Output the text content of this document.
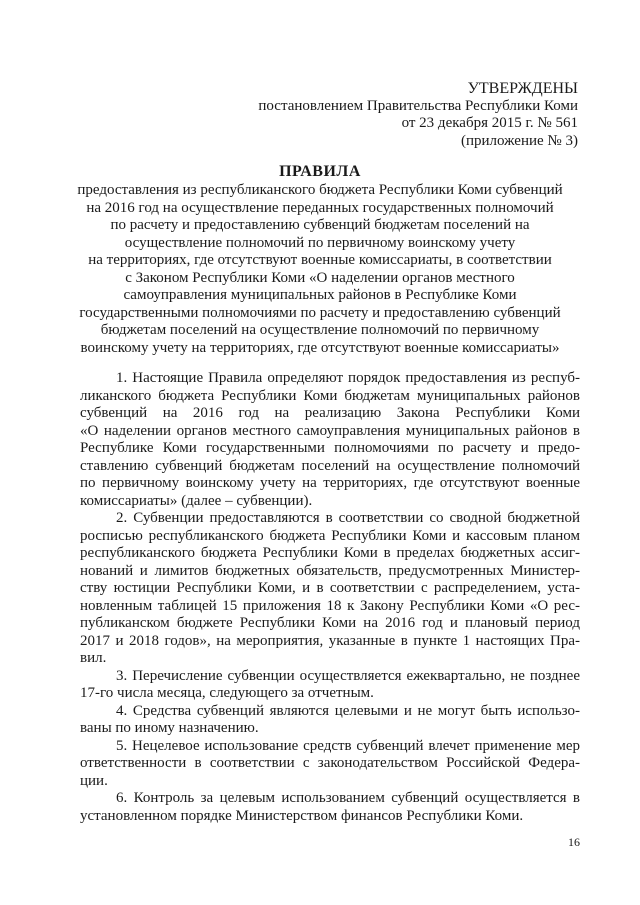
УТВЕРЖДЕНЫ
постановлением Правительства Республики Коми
от 23 декабря 2015 г. № 561
(приложение № 3)
ПРАВИЛА
предоставления из республиканского бюджета Республики Коми субвенций
на 2016 год на осуществление переданных государственных полномочий
по расчету и предоставлению субвенций бюджетам поселений на
осуществление полномочий по первичному воинскому учету
на территориях, где отсутствуют военные комиссариаты, в соответствии
с Законом Республики Коми «О наделении органов местного
самоуправления муниципальных районов в Республике Коми
государственными полномочиями по расчету и предоставлению субвенций
бюджетам поселений на осуществление полномочий по первичному
воинскому учету на территориях, где отсутствуют военные комиссариаты»

1. Настоящие Правила определяют порядок предоставления из респуб-
ликанского бюджета Республики Коми бюджетам муниципальных районов
субвенций на 2016 год на реализацию Закона Республики Коми
«О наделении органов местного самоуправления муниципальных районов в
Республике Коми государственными полномочиями по расчету и предо-
ставлению субвенций бюджетам поселений на осуществление полномочий
по первичному воинскому учету на территориях, где отсутствуют военные
комиссариаты» (далее – субвенции).

2. Субвенции предоставляются в соответствии со сводной бюджетной
росписью республиканского бюджета Республики Коми и кассовым планом
республиканского бюджета Республики Коми в пределах бюджетных ассиг-
нований и лимитов бюджетных обязательств, предусмотренных Министер-
ству юстиции Республики Коми, и в соответствии с распределением, уста-
новленным таблицей 15 приложения 18 к Закону Республики Коми «О рес-
публиканском бюджете Республики Коми на 2016 год и плановый период
2017 и 2018 годов», на мероприятия, указанные в пункте 1 настоящих Пра-
вил.

3. Перечисление субвенции осуществляется ежеквартально, не позднее
17-го числа месяца, следующего за отчетным.

4. Средства субвенций являются целевыми и не могут быть использо-
ваны по иному назначению.

5. Нецелевое использование средств субвенций влечет применение мер
ответственности в соответствии с законодательством Российской Федера-
ции.

6. Контроль за целевым использованием субвенций осуществляется в
установленном порядке Министерством финансов Республики Коми.

16
